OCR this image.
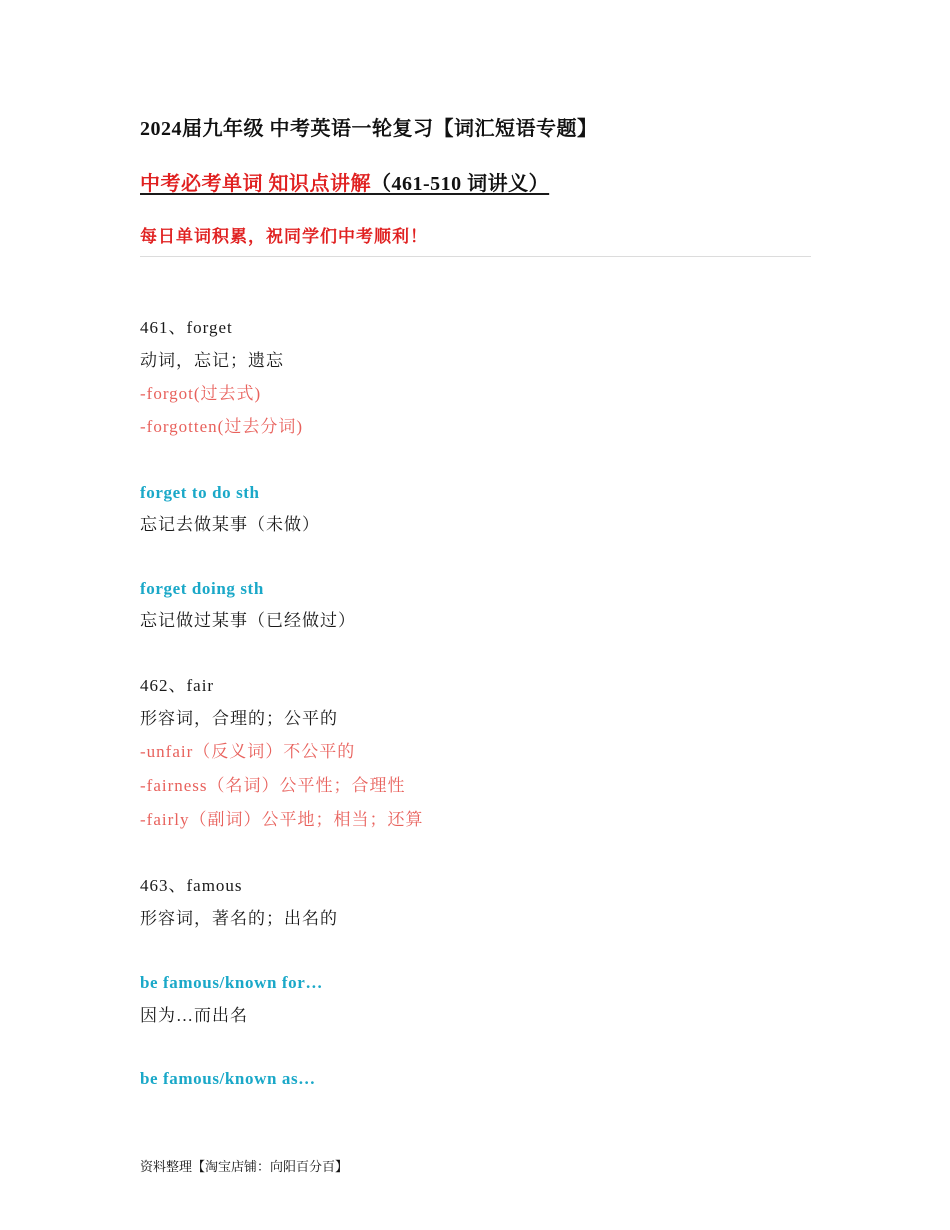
2024届九年级 中考英语一轮复习【词汇短语专题】
中考必考单词 知识点讲解（461-510 词讲义）
每日单词积累，祝同学们中考顺利！
461、forget
动词，忘记；遗忘
-forgot(过去式)
-forgotten(过去分词)
forget to do sth
忘记去做某事（未做）
forget doing sth
忘记做过某事（已经做过）
462、fair
形容词，合理的；公平的
-unfair（反义词）不公平的
-fairness（名词）公平性；合理性
-fairly（副词）公平地；相当；还算
463、famous
形容词，著名的；出名的
be famous/known for…
因为…而出名
be famous/known as…
资料整理【淘宝店铺：向阳百分百】
